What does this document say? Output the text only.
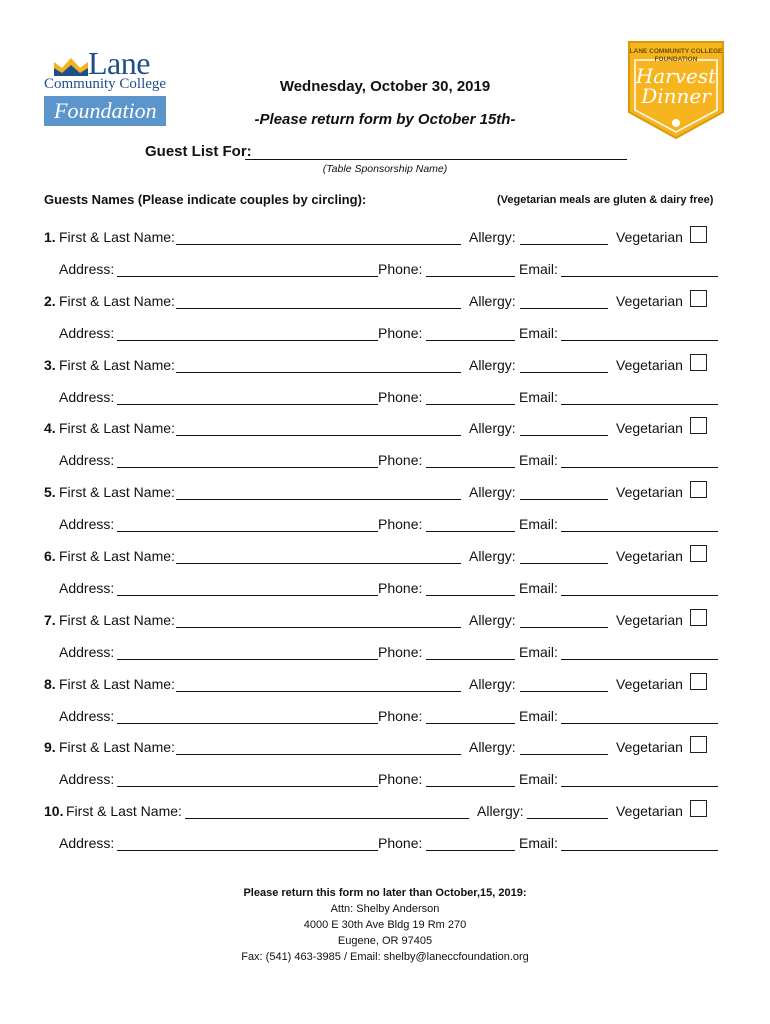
Lane
Community College
Foundation
LANE COMMUNITY COLLEGE FOUNDATION
Harvest
Dinner
Wednesday, October 30, 2019
-Please return form by October 15th-
Guest List For:
(Table Sponsorship Name)
Guests Names (Please indicate couples by circling):	(Vegetarian meals are gluten & dairy free)
1. First & Last Name:	Allergy:	Vegetarian
Address:	Phone:	Email:
2. First & Last Name:	Allergy:	Vegetarian
Address:	Phone:	Email:
3. First & Last Name:	Allergy:	Vegetarian
Address:	Phone:	Email:
4. First & Last Name:	Allergy:	Vegetarian
Address:	Phone:	Email:
5. First & Last Name:	Allergy:	Vegetarian
Address:	Phone:	Email:
6. First & Last Name:	Allergy:	Vegetarian
Address:	Phone:	Email:
7. First & Last Name:	Allergy:	Vegetarian
Address:	Phone:	Email:
8. First & Last Name:	Allergy:	Vegetarian
Address:	Phone:	Email:
9. First & Last Name:	Allergy:	Vegetarian
Address:	Phone:	Email:
10. First & Last Name:	Allergy:	Vegetarian
Address:	Phone:	Email:
Please return this form no later than October,15, 2019:
Attn: Shelby Anderson
4000 E 30th Ave Bldg 19 Rm 270
Eugene, OR 97405
Fax: (541) 463-3985 / Email: shelby@laneccfoundation.org
